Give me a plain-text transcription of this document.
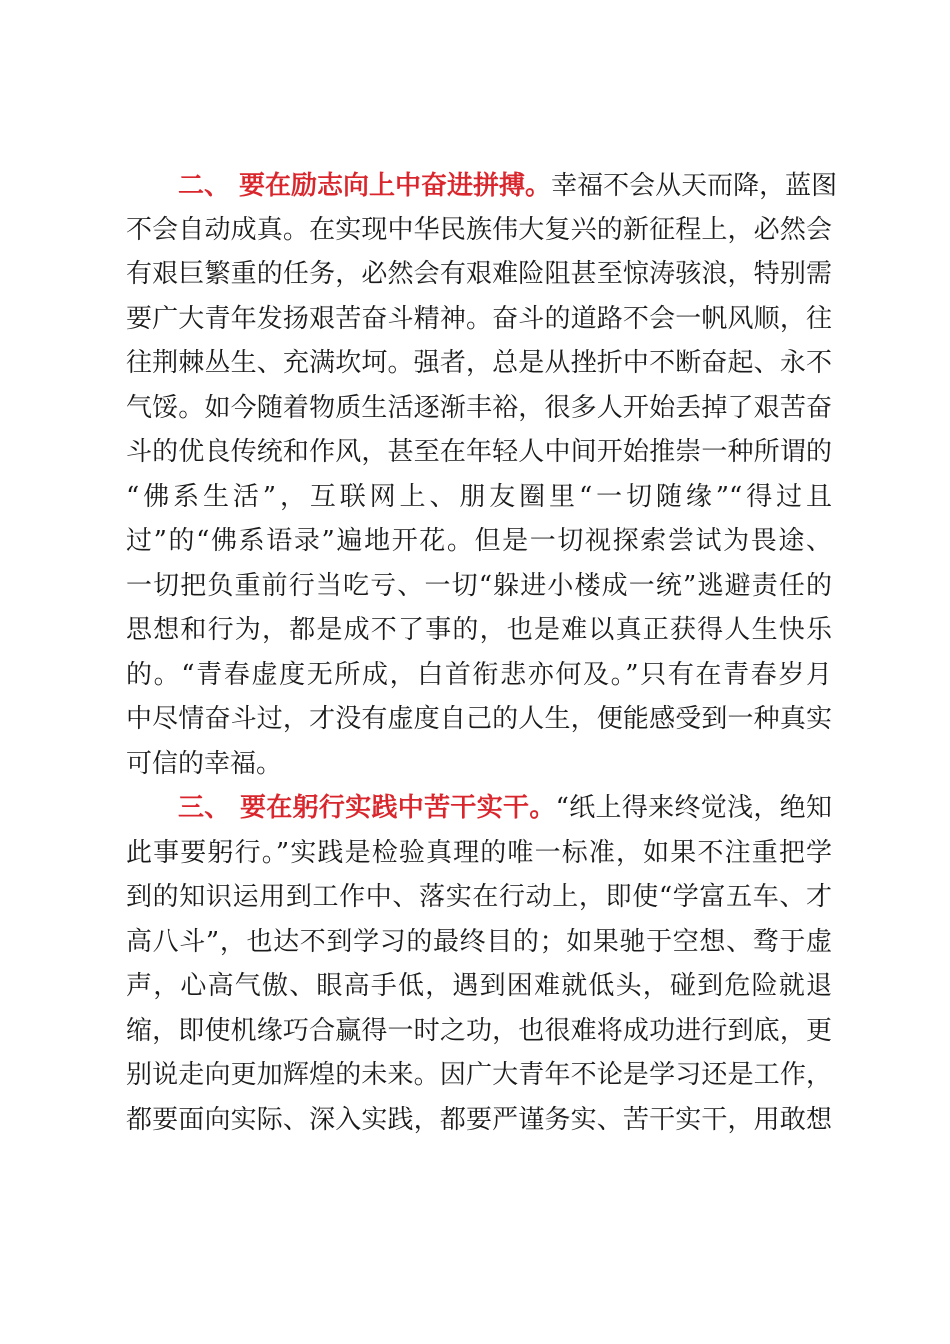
二、 要在励志向上中奋进拼搏。幸福不会从天而降，蓝图
不会自动成真。在实现中华民族伟大复兴的新征程上，必然会
有艰巨繁重的任务，必然会有艰难险阻甚至惊涛骇浪，特别需
要广大青年发扬艰苦奋斗精神。奋斗的道路不会一帆风顺，往
往荆棘丛生、充满坎坷。强者，总是从挫折中不断奋起、永不
气馁。如今随着物质生活逐渐丰裕，很多人开始丢掉了艰苦奋
斗的优良传统和作风，甚至在年轻人中间开始推崇一种所谓的
“佛系生活”，互联网上、朋友圈里“一切随缘”“得过且
过”的“佛系语录”遍地开花。但是一切视探索尝试为畏途、
一切把负重前行当吃亏、一切“躲进小楼成一统”逃避责任的
思想和行为，都是成不了事的，也是难以真正获得人生快乐
的。“青春虚度无所成，白首衔悲亦何及。”只有在青春岁月
中尽情奋斗过，才没有虚度自己的人生，便能感受到一种真实
可信的幸福。
三、 要在躬行实践中苦干实干。“纸上得来终觉浅，绝知
此事要躬行。”实践是检验真理的唯一标准，如果不注重把学
到的知识运用到工作中、落实在行动上，即使“学富五车、才
高八斗”，也达不到学习的最终目的；如果驰于空想、骛于虚
声，心高气傲、眼高手低，遇到困难就低头，碰到危险就退
缩，即使机缘巧合赢得一时之功，也很难将成功进行到底，更
别说走向更加辉煌的未来。因广大青年不论是学习还是工作，
都要面向实际、深入实践，都要严谨务实、苦干实干，用敢想
